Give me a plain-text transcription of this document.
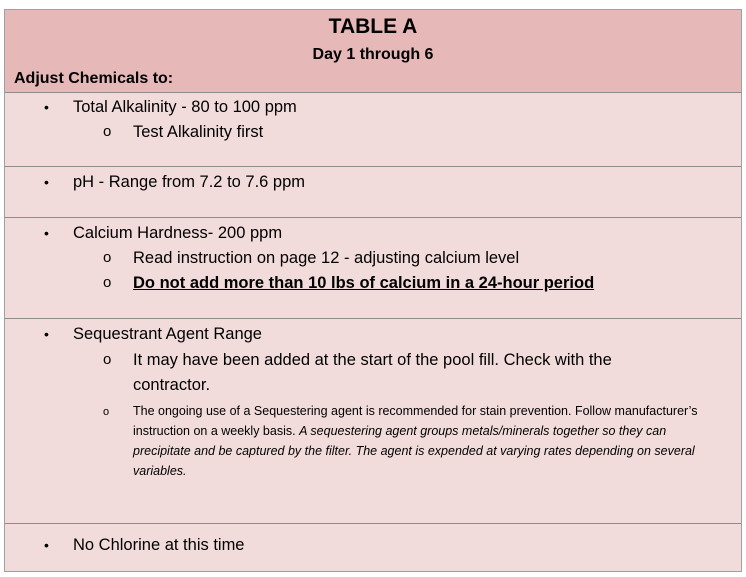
TABLE A
Day 1 through 6
Adjust Chemicals to:
• Total Alkalinity - 80 to 100 ppm
o Test Alkalinity first
• pH - Range from 7.2 to 7.6 ppm
• Calcium Hardness- 200 ppm
o Read instruction on page 12 - adjusting calcium level
o Do not add more than 10 lbs of calcium in a 24-hour period
• Sequestrant Agent Range
o It may have been added at the start of the pool fill. Check with the contractor.
o The ongoing use of a Sequestering agent is recommended for stain prevention. Follow manufacturer’s instruction on a weekly basis. A sequestering agent groups metals/minerals together so they can precipitate and be captured by the filter. The agent is expended at varying rates depending on several variables.
• No Chlorine at this time
